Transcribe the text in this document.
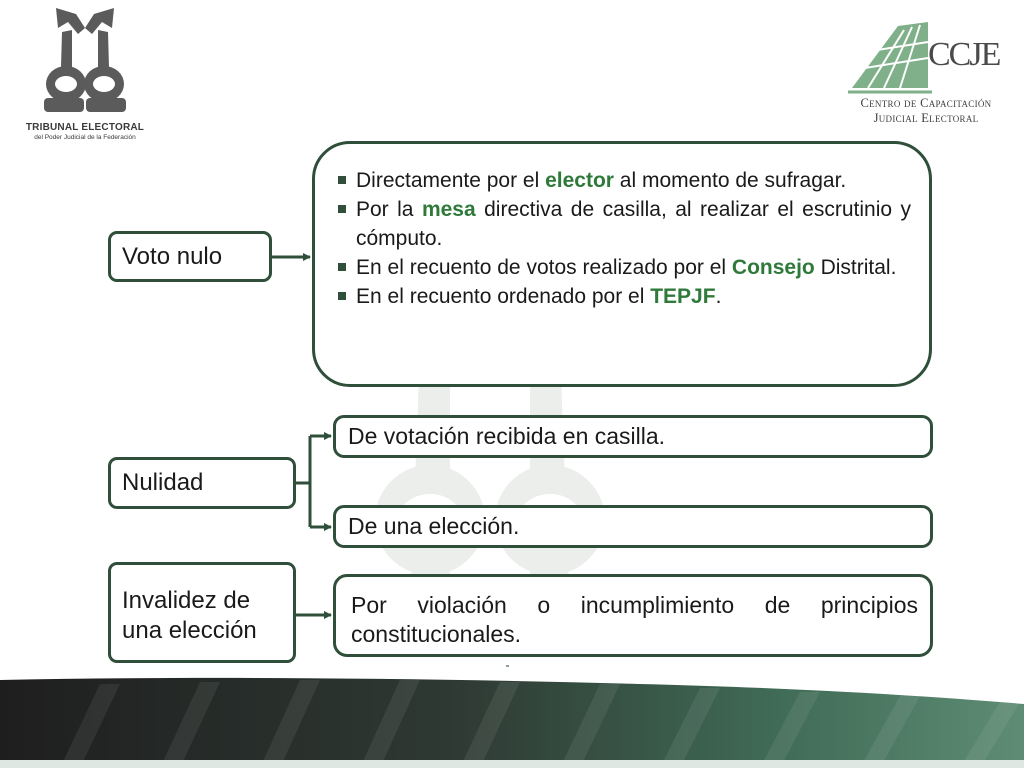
TRIBUNAL ELECTORAL
del Poder Judicial de la Federación
CCJE
Centro de Capacitación
Judicial Electoral
Voto nulo
Directamente por el elector al momento de sufragar.
Por la mesa directiva de casilla, al realizar el escrutinio y cómputo.
En el recuento de votos realizado por el Consejo Distrital.
En el recuento ordenado por el TEPJF.
Nulidad
De votación recibida en casilla.
De una elección.
Invalidez de
una elección
Por violación o incumplimiento de principios constitucionales.
